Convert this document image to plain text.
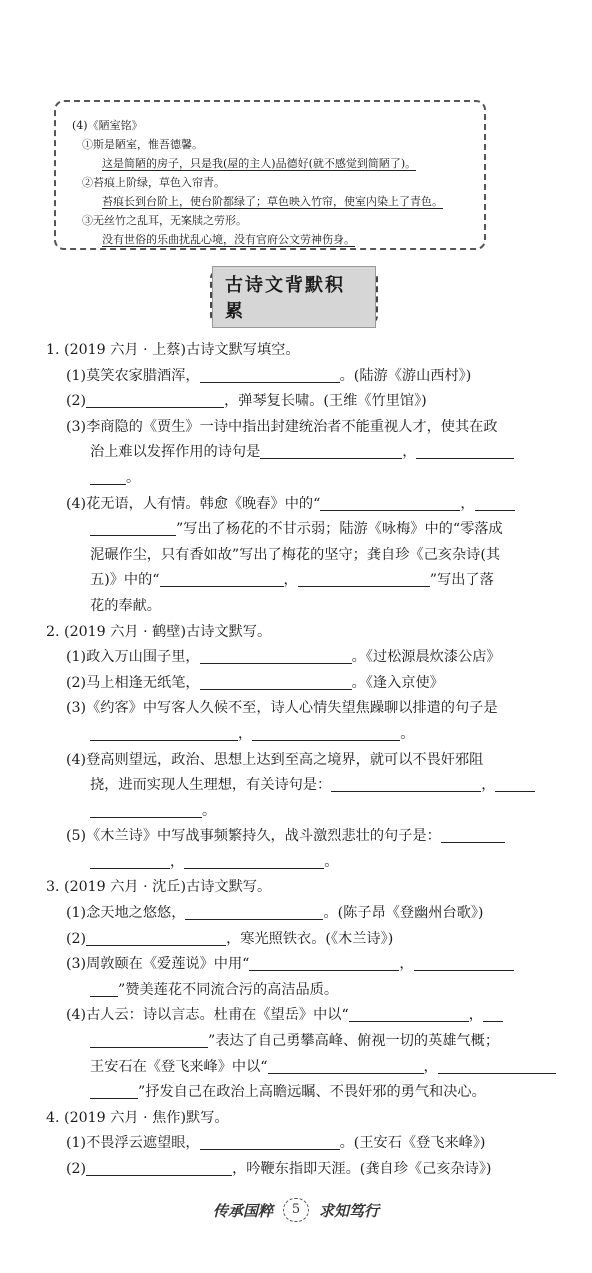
(4)《陋室铭》
①斯是陋室，惟吾德馨。
这是简陋的房子，只是我(屋的主人)品德好(就不感觉到简陋了)。
②苔痕上阶绿，草色入帘青。
苔痕长到台阶上，使台阶都绿了；草色映入竹帘，使室内染上了青色。
③无丝竹之乱耳，无案牍之劳形。
没有世俗的乐曲扰乱心境，没有官府公文劳神伤身。
古诗文背默积累
1. (2019 六月 · 上蔡)古诗文默写填空。
(1)莫笑农家腊酒浑，	。(陆游《游山西村》)
(2)	，弹琴复长啸。(王维《竹里馆》)
(3)李商隐的《贾生》一诗中指出封建统治者不能重视人才，使其在政
治上难以发挥作用的诗句是	，
。
(4)花无语，人有情。韩愈《晚春》中的“	，
”写出了杨花的不甘示弱；陆游《咏梅》中的“零落成
泥碾作尘，只有香如故”写出了梅花的坚守；龚自珍《己亥杂诗(其
五)》中的“	，	”写出了落
花的奉献。
2. (2019 六月 · 鹤壁)古诗文默写。
(1)政入万山围子里，	。《过松源晨炊漆公店》
(2)马上相逢无纸笔，	。《逢入京使》
(3)《约客》中写客人久候不至，诗人心情失望焦躁聊以排遣的句子是
，	。
(4)登高则望远，政治、思想上达到至高之境界，就可以不畏奸邪阻
挠，进而实现人生理想，有关诗句是：	，
。
(5)《木兰诗》中写战事频繁持久，战斗激烈悲壮的句子是：
，	。
3. (2019 六月 · 沈丘)古诗文默写。
(1)念天地之悠悠，	。(陈子昂《登幽州台歌》)
(2)	，寒光照铁衣。(《木兰诗》)
(3)周敦颐在《爱莲说》中用“	，
”赞美莲花不同流合污的高洁品质。
(4)古人云：诗以言志。杜甫在《望岳》中以“	，
”表达了自己勇攀高峰、俯视一切的英雄气概；
王安石在《登飞来峰》中以“	，
”抒发自己在政治上高瞻远瞩、不畏奸邪的勇气和决心。
4. (2019 六月 · 焦作)默写。
(1)不畏浮云遮望眼，	。(王安石《登飞来峰》)
(2)	，吟鞭东指即天涯。(龚自珍《己亥杂诗》)
传承国粹	5	求知笃行
